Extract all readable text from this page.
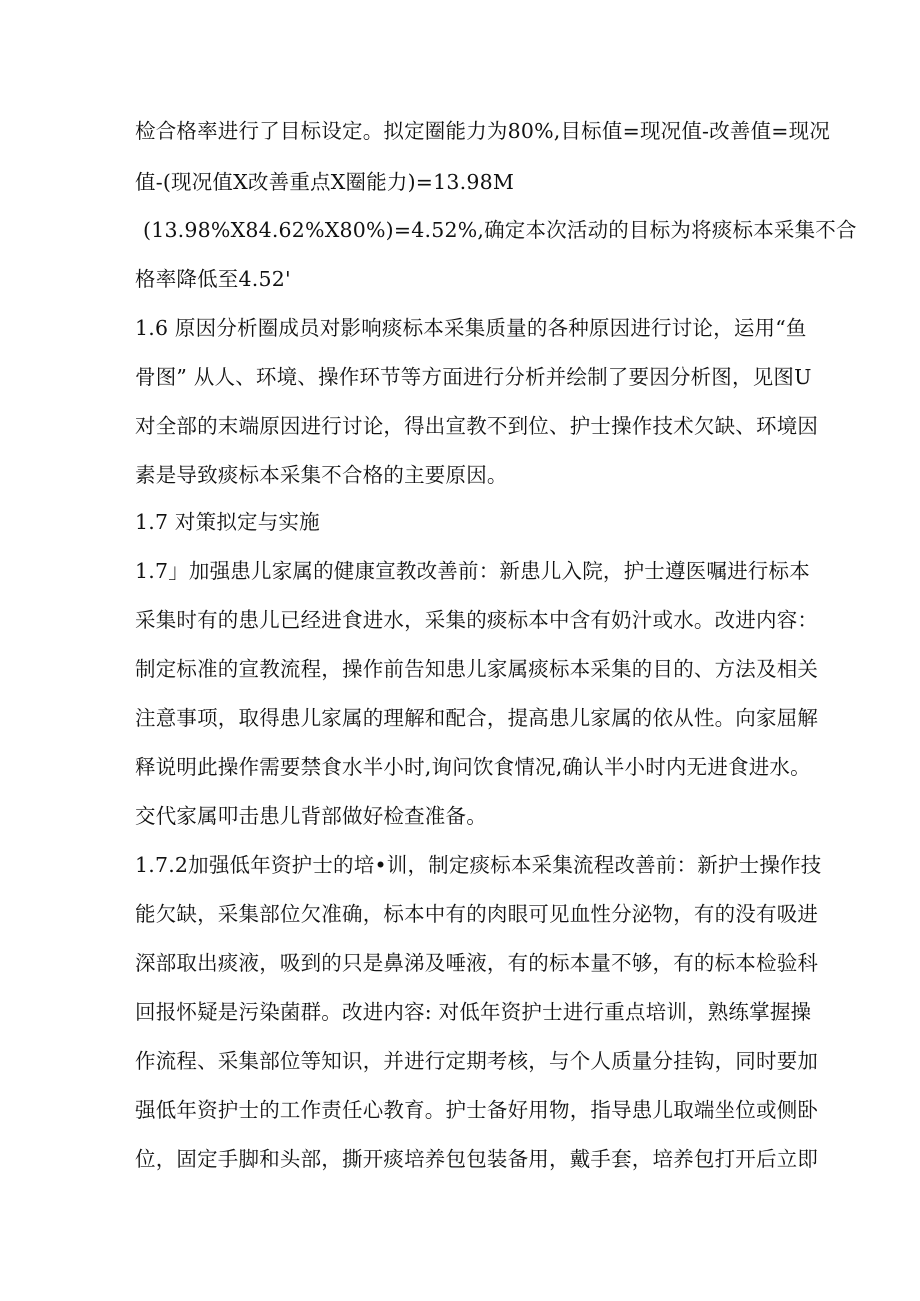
检合格率进行了目标设定。拟定圈能力为80%,目标值=现况值-改善值=现况
值-(现况值X改善重点X圈能力)=13.98M
(13.98%X84.62%X80%)=4.52%,确定本次活动的目标为将痰标本采集不合
格率降低至4.52'
1.6 原因分析圈成员对影响痰标本采集质量的各种原因进行讨论，运用“鱼
骨图” 从人、环境、操作环节等方面进行分析并绘制了要因分析图，见图U
对全部的末端原因进行讨论，得出宣教不到位、护士操作技术欠缺、环境因
素是导致痰标本采集不合格的主要原因。
1.7 对策拟定与实施
1.7」加强患儿家属的健康宣教改善前：新患儿入院，护士遵医嘱进行标本
采集时有的患儿已经进食进水，采集的痰标本中含有奶汁或水。改进内容：
制定标准的宣教流程，操作前告知患儿家属痰标本采集的目的、方法及相关
注意事项，取得患儿家属的理解和配合，提高患儿家属的依从性。向家屈解
释说明此操作需要禁食水半小时,询问饮食情况,确认半小时内无进食进水。
交代家属叩击患儿背部做好检查准备。
1.7.2加强低年资护士的培•训，制定痰标本采集流程改善前：新护士操作技
能欠缺，采集部位欠准确，标本中有的肉眼可见血性分泌物，有的没有吸进
深部取出痰液，吸到的只是鼻涕及唾液，有的标本量不够，有的标本检验科
回报怀疑是污染菌群。改进内容: 对低年资护士进行重点培训，熟练掌握操
作流程、采集部位等知识，并进行定期考核，与个人质量分挂钩，同时要加
强低年资护士的工作责任心教育。护士备好用物，指导患儿取端坐位或侧卧
位，固定手脚和头部，撕开痰培养包包装备用，戴手套，培养包打开后立即
